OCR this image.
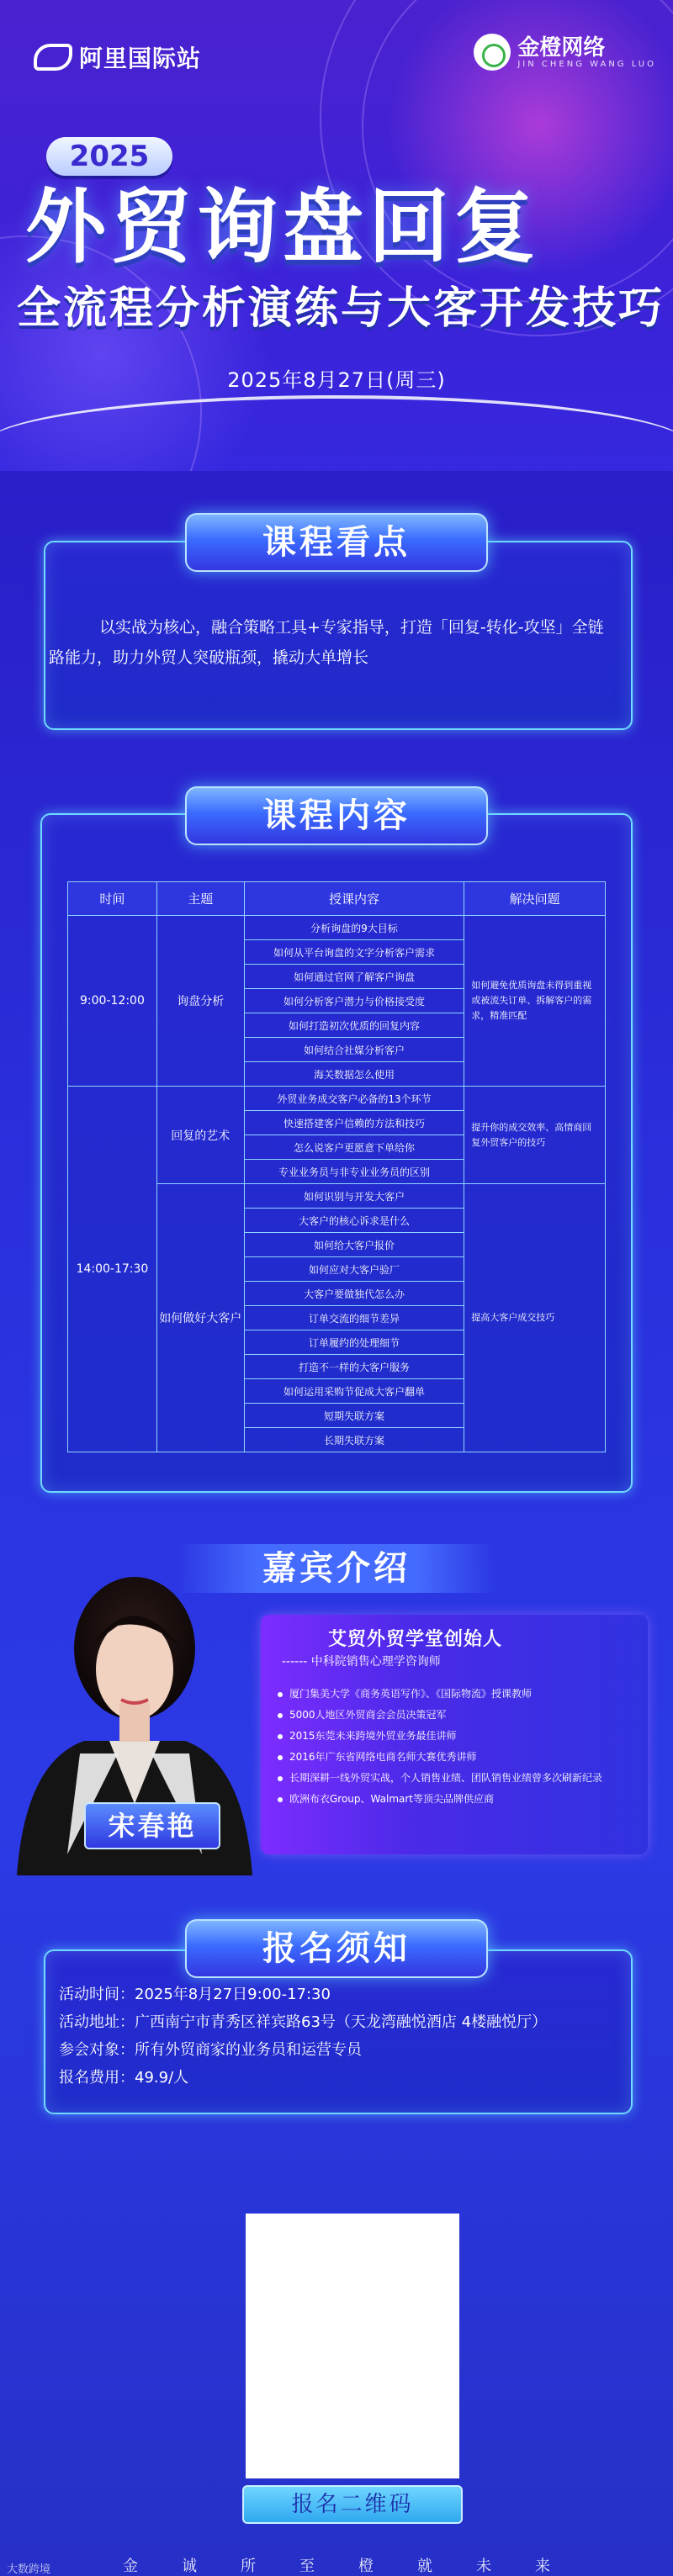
阿里国际站	金橙网络
JIN CHENG WANG LUO
2025
外贸询盘回复
全流程分析演练与大客开发技巧
2025年8月27日(周三)
课程看点
以实战为核心，融合策略工具+专家指导，打造「回复-转化-攻坚」全链路能力，助力外贸人突破瓶颈，撬动大单增长
课程内容
时间	主题	授课内容	解决问题
9:00-12:00	询盘分析	分析询盘的9大目标	如何避免优质询盘未得到重视或被流失订单、拆解客户的需求，精准匹配
		如何从平台询盘的文字分析客户需求	
		如何通过官网了解客户询盘	
		如何分析客户潜力与价格接受度	
		如何打造初次优质的回复内容	
		如何结合社媒分析客户	
		海关数据怎么使用	
14:00-17:30	回复的艺术	外贸业务成交客户必备的13个环节	提升你的成交效率、高情商回复外贸客户的技巧
		快速搭建客户信赖的方法和技巧	
		怎么说客户更愿意下单给你	
		专业业务员与非专业业务员的区别	
	如何做好大客户	如何识别与开发大客户	提高大客户成交技巧
		大客户的核心诉求是什么	
		如何给大客户报价	
		如何应对大客户验厂	
		大客户要做独代怎么办	
		订单交流的细节差异	
		订单履约的处理细节	
		打造不一样的大客户服务	
		如何运用采购节促成大客户翻单	
		短期失联方案	
		长期失联方案	
嘉宾介绍
宋春艳
艾贸外贸学堂创始人
------ 中科院销售心理学咨询师
厦门集美大学《商务英语写作》、《国际物流》授课教师
5000人地区外贸商会会员决策冠军
2015东莞未来跨境外贸业务最佳讲师
2016年广东省网络电商名师大赛优秀讲师
长期深耕一线外贸实战，个人销售业绩、团队销售业绩曾多次刷新纪录
欧洲布衣Group、Walmart等顶尖品牌供应商
报名须知
活动时间：2025年8月27日9:00-17:30
活动地址：广西南宁市青秀区祥宾路63号（天龙湾融悦酒店 4楼融悦厅）
参会对象：所有外贸商家的业务员和运营专员
报名费用：49.9/人
报名二维码
金	诚	所	至	橙	就	未	来
大数跨境
